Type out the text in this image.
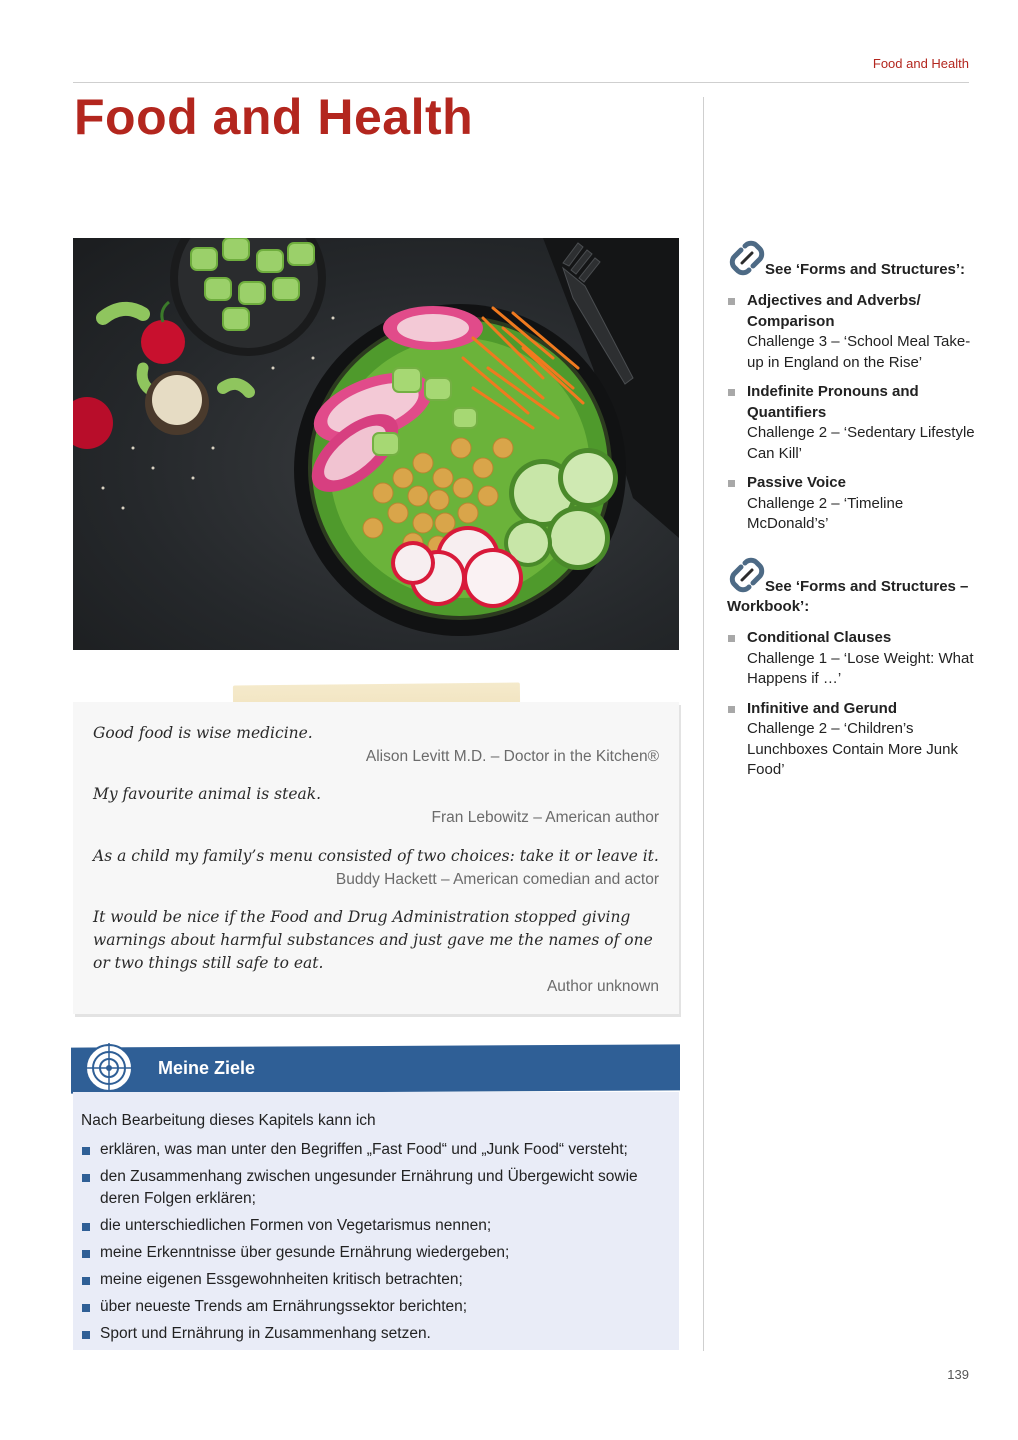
Food and Health
Food and Health

Good food is wise medicine.

Alison Levitt M.D. – Doctor in the Kitchen®

My favourite animal is steak.

Fran Lebowitz – American author

As a child my family’s menu consisted of two choices: take it or leave it.

Buddy Hackett – American comedian and actor

It would be nice if the Food and Drug Administration stopped giving warnings about harmful substances and just gave me the names of one or two things still safe to eat.

Author unknown

Meine Ziele
Nach Bearbeitung dieses Kapitels kann ich
erklären, was man unter den Begriffen „Fast Food“ und „Junk Food“ versteht;
den Zusammenhang zwischen ungesunder Ernährung und Übergewicht sowie deren Folgen erklären;
die unterschiedlichen Formen von Vegetarismus nennen;
meine Erkenntnisse über gesunde Ernährung wiedergeben;
meine eigenen Essgewohnheiten kritisch betrachten;
über neueste Trends am Ernährungssektor berichten;
Sport und Ernährung in Zusammenhang setzen.
See ‘Forms and Structures’:
Adjectives and Adverbs/ Comparison
Challenge 3 – ‘School Meal Take-up in England on the Rise’
Indefinite Pronouns and Quantifiers
Challenge 2 – ‘Sedentary Lifestyle Can Kill’
Passive Voice
Challenge 2 – ‘Timeline McDonald’s’
See ‘Forms and Structures – Workbook’:
Conditional Clauses
Challenge 1 – ‘Lose Weight: What Happens if …’
Infinitive and Gerund
Challenge 2 – ‘Children’s Lunchboxes Contain More Junk Food’
139
